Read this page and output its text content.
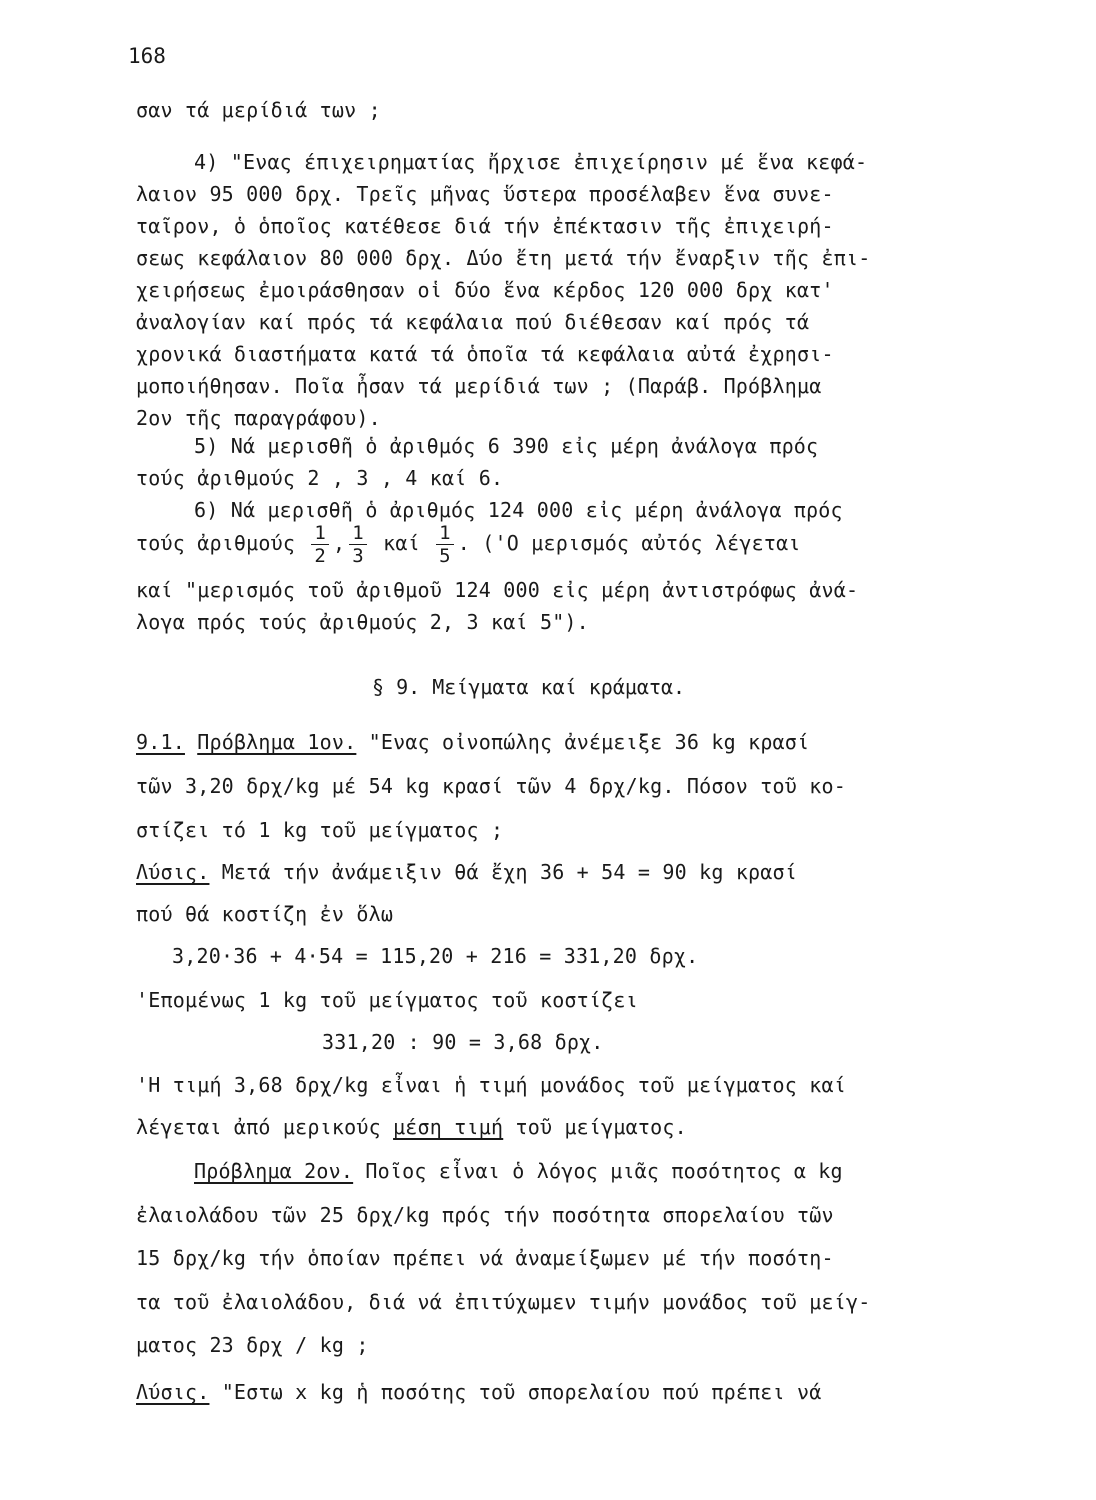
168
σαν τά μερίδιά των ;
4) "Ενας έπιχειρηματίας ἤρχισε ἐπιχείρησιν μέ ἕνα κεφά-
λαιον 95 000 δρχ. Τρεῖς μῆνας ὕστερα προσέλαβεν ἕνα συνε-
ταῖρον, ὁ ὁποῖος κατέθεσε διά τήν ἐπέκτασιν τῆς ἐπιχειρή-
σεως κεφάλαιον 80 000 δρχ. Δύο ἔτη μετά τήν ἔναρξιν τῆς ἐπι-
χειρήσεως ἐμοιράσθησαν οἱ δύο ἕνα κέρδος 120 000 δρχ κατ'
ἀναλογίαν καί πρός τά κεφάλαια πού διέθεσαν καί πρός τά
χρονικά διαστήματα κατά τά ὁποῖα τά κεφάλαια αὐτά ἐχρησι-
μοποιήθησαν. Ποῖα ἦσαν τά μερίδιά των ; (Παράβ. Πρόβλημα
2ον τῆς παραγράφου).
5) Νά μερισθῆ ὁ ἀριθμός 6 390 εἰς μέρη ἀνάλογα πρός
τούς ἀριθμούς 2 , 3 , 4 καί 6.
6) Νά μερισθῆ ὁ ἀριθμός 124 000 εἰς μέρη ἀνάλογα πρός
τούς ἀριθμούς $\frac{1}{2}$ , $\frac{1}{3}$ καί $\frac{1}{5}$ . ('Ο μερισμός αὐτός λέγεται
καί "μερισμός τοῦ ἀριθμοῦ 124 000 εἰς μέρη ἀντιστρόφως ἀνά-
λογα πρός τούς ἀριθμούς 2, 3 καί 5").
§ 9. Μείγματα καί κράματα.
9.1. Πρόβλημα 1ον. "Ενας οἰνοπώλης ἀνέμειξε 36 kg κρασί
τῶν 3,20 δρχ/kg μέ 54 kg κρασί τῶν 4 δρχ/kg. Πόσον τοῦ κο-
στίζει τό 1 kg τοῦ μείγματος ;
Λύσις. Μετά τήν ἀνάμειξιν θά ἔχη 36 + 54 = 90 kg κρασί
πού θά κοστίζη ἐν ὅλω
3,20·36 + 4·54 = 115,20 + 216 = 331,20 δρχ.
'Επομένως 1 kg τοῦ μείγματος τοῦ κοστίζει
331,20 : 90 = 3,68 δρχ.
'Η τιμή 3,68 δρχ/kg εἶναι ἡ τιμή μονάδος τοῦ μείγματος καί
λέγεται ἀπό μερικούς μέση τιμή τοῦ μείγματος.
Πρόβλημα 2ον. Ποῖος εἶναι ὁ λόγος μιᾶς ποσότητος α kg
ἐλαιολάδου τῶν 25 δρχ/kg πρός τήν ποσότητα σπορελαίου τῶν
15 δρχ/kg τήν ὁποίαν πρέπει νά ἀναμείξωμεν μέ τήν ποσότη-
τα τοῦ ἐλαιολάδου, διά νά ἐπιτύχωμεν τιμήν μονάδος τοῦ μείγ-
ματος 23 δρχ / kg ;
Λύσις. "Εστω x kg ἡ ποσότης τοῦ σπορελαίου πού πρέπει νά
